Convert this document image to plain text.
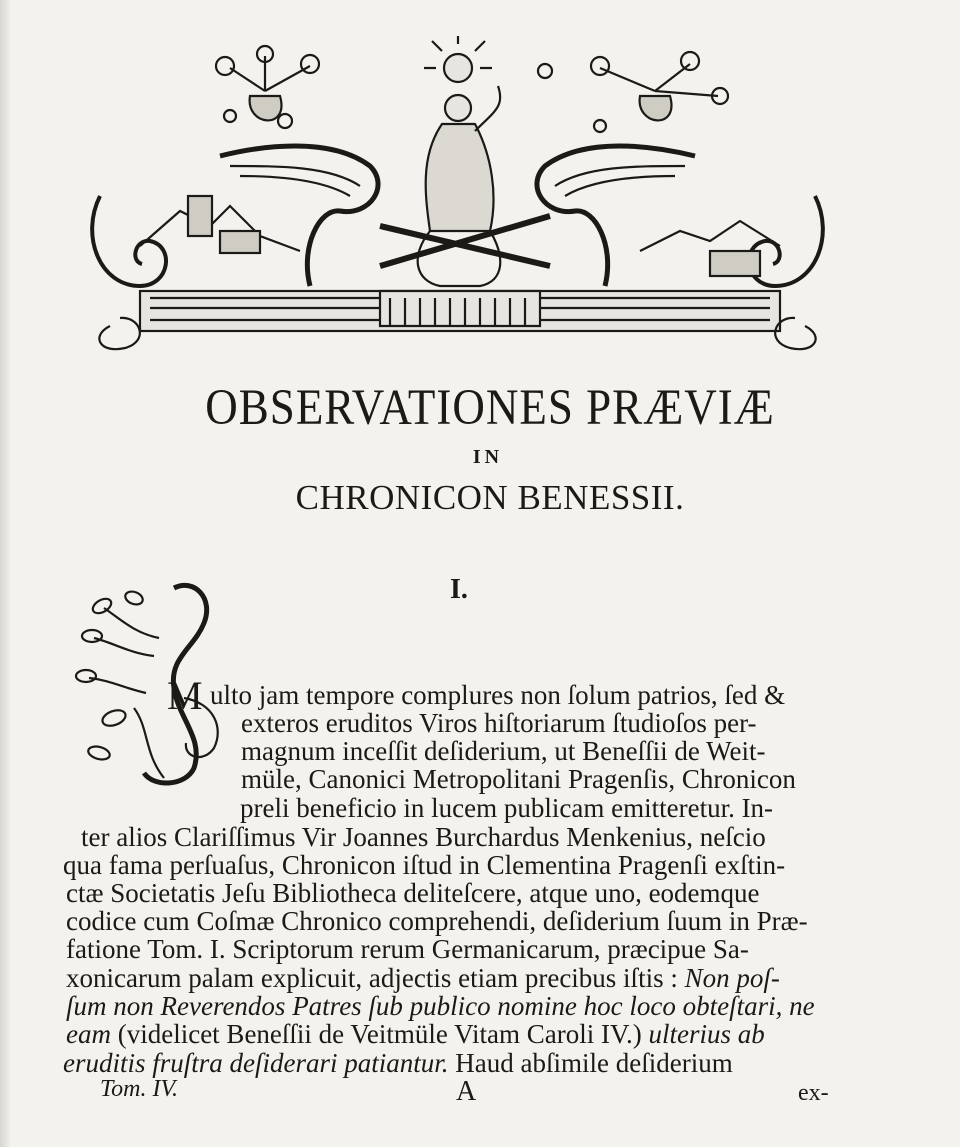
OBSERVATIONES PRÆVIÆ
IN
CHRONICON BENESSII.
I.
M ulto jam tempore complures non ſolum patrios, ſed &
exteros eruditos Viros hiſtoriarum ſtudioſos per-
magnum inceſſit deſiderium, ut Beneſſii de Weit-
müle, Canonici Metropolitani Pragenſis, Chronicon
preli beneficio in lucem publicam emitteretur. In-
ter alios Clariſſimus Vir Joannes Burchardus Menkenius, neſcio
qua fama perſuaſus, Chronicon iſtud in Clementina Pragenſi exſtin-
ctæ Societatis Jeſu Bibliotheca deliteſcere, atque uno, eodemque
codice cum Coſmæ Chronico comprehendi, deſiderium ſuum in Præ-
fatione Tom. I. Scriptorum rerum Germanicarum, præcipue Sa-
xonicarum palam explicuit, adjectis etiam precibus iſtis : Non poſ-
ſum non Reverendos Patres ſub publico nomine hoc loco obteſtari, ne
eam (videlicet Beneſſii de Veitmüle Vitam Caroli IV.) ulterius ab
eruditis fruſtra deſiderari patiantur. Haud abſimile deſiderium
Tom. IV.	A	ex-
